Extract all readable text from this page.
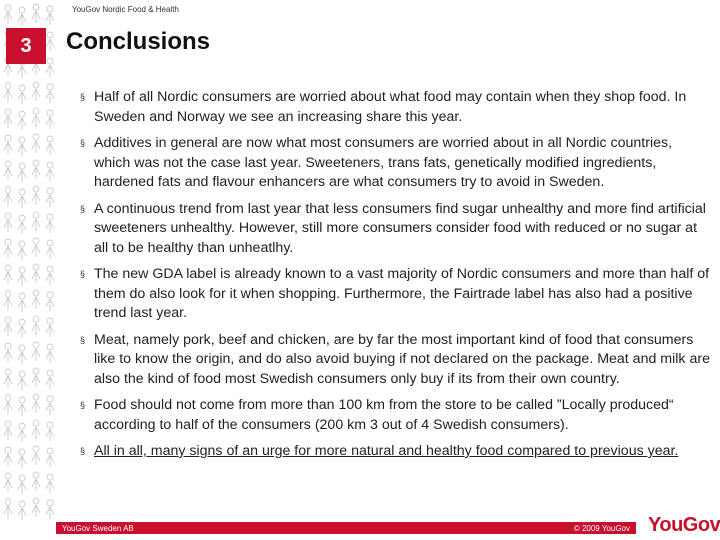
3
YouGov Nordic Food & Health
Conclusions
§ Half of all Nordic consumers are worried about what food may contain when they shop food. In Sweden and Norway we see an increasing share this year.
§ Additives in general are now what most consumers are worried about in all Nordic countries, which was not the case last year. Sweeteners, trans fats, genetically modified ingredients, hardened fats and flavour enhancers are what consumers try to avoid in Sweden.
§ A continuous trend from last year that less consumers find sugar unhealthy and more find artificial sweeteners unhealthy. However, still more consumers consider food with reduced or no sugar at all to be healthy than unheatlhy.
§ The new GDA label is already known to a vast majority of Nordic consumers and more than half of them do also look for it when shopping. Furthermore, the Fairtrade label has also had a positive trend last year.
§ Meat, namely pork, beef and chicken, are by far the most important kind of food that consumers like to know the origin, and do also avoid buying if not declared on the package. Meat and milk are also the kind of food most Swedish consumers only buy if its from their own country.
§ Food should not come from more than 100 km from the store to be called ”Locally produced“ according to half of the consumers (200 km 3 out of 4 Swedish consumers).
§ All in all, many signs of an urge for more natural and healthy food compared to previous year.
YouGov Sweden AB	© 2009 YouGov YouGov
